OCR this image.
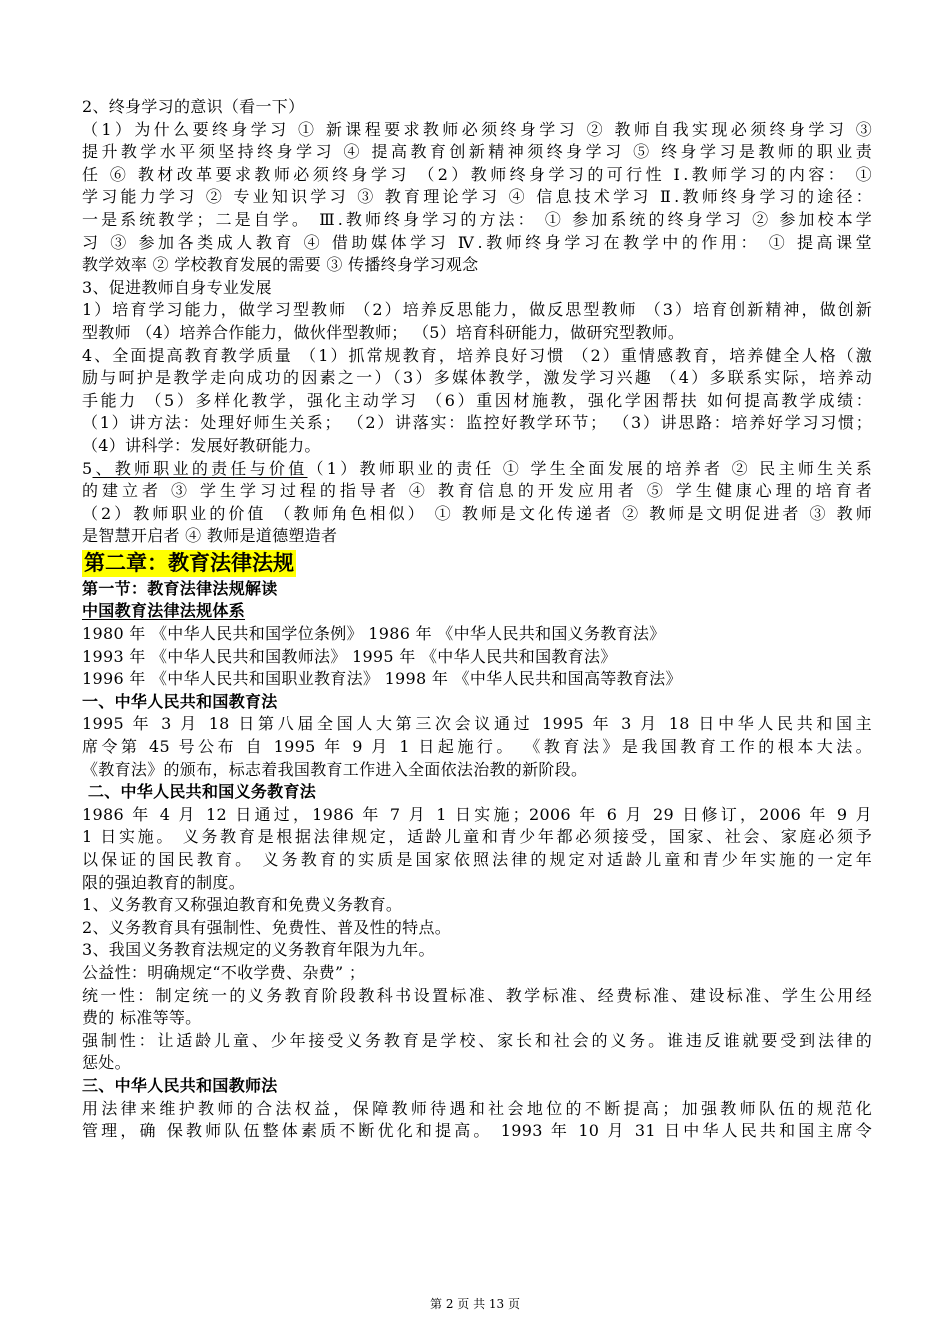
2、终身学习的意识（看一下）
（1）为什么要终身学习 ① 新课程要求教师必须终身学习 ② 教师自我实现必须终身学习 ③
提升教学水平须坚持终身学习 ④ 提高教育创新精神须终身学习 ⑤ 终身学习是教师的职业责
任 ⑥ 教材改革要求教师必须终身学习 （2）教师终身学习的可行性 Ⅰ.教师学习的内容： ①
学习能力学习 ② 专业知识学习 ③ 教育理论学习 ④ 信息技术学习 Ⅱ.教师终身学习的途径：
一是系统教学；二是自学。 Ⅲ.教师终身学习的方法： ① 参加系统的终身学习 ② 参加校本学
习 ③ 参加各类成人教育 ④ 借助媒体学习 Ⅳ.教师终身学习在教学中的作用： ① 提高课堂
教学效率 ② 学校教育发展的需要 ③ 传播终身学习观念
3、促进教师自身专业发展
1）培育学习能力，做学习型教师 （2）培养反思能力，做反思型教师 （3）培育创新精神，做创新
型教师 （4）培养合作能力，做伙伴型教师； （5）培育科研能力，做研究型教师。
4、全面提高教育教学质量 （1）抓常规教育，培养良好习惯 （2）重情感教育，培养健全人格（激
励与呵护是教学走向成功的因素之一）（3）多媒体教学，激发学习兴趣 （4）多联系实际，培养动
手能力 （5）多样化教学，强化主动学习 （6）重因材施教，强化学困帮扶 如何提高教学成绩：
（1）讲方法：处理好师生关系； （2）讲落实：监控好教学环节； （3）讲思路：培养好学习习惯；
（4）讲科学：发展好教研能力。
5、教师职业的责任与价值（1）教师职业的责任 ① 学生全面发展的培养者 ② 民主师生关系
的建立者 ③ 学生学习过程的指导者 ④ 教育信息的开发应用者 ⑤ 学生健康心理的培育者
（2）教师职业的价值 （教师角色相似） ① 教师是文化传递者 ② 教师是文明促进者 ③ 教师
是智慧开启者 ④ 教师是道德塑造者
第二章：教育法律法规
第一节：教育法律法规解读
中国教育法律法规体系
1980 年 《中华人民共和国学位条例》 1986 年 《中华人民共和国义务教育法》
1993 年 《中华人民共和国教师法》 1995 年 《中华人民共和国教育法》
1996 年 《中华人民共和国职业教育法》 1998 年 《中华人民共和国高等教育法》
一、中华人民共和国教育法
1995 年 3 月 18 日第八届全国人大第三次会议通过 1995 年 3 月 18 日中华人民共和国主
席令第 45 号公布 自 1995 年 9 月 1 日起施行。 《教育法》是我国教育工作的根本大法。
《教育法》的颁布，标志着我国教育工作进入全面依法治教的新阶段。
二、中华人民共和国义务教育法
1986 年 4 月 12 日通过，1986 年 7 月 1 日实施；2006 年 6 月 29 日修订，2006 年 9 月
1 日实施。 义务教育是根据法律规定，适龄儿童和青少年都必须接受，国家、社会、家庭必须予
以保证的国民教育。 义务教育的实质是国家依照法律的规定对适龄儿童和青少年实施的一定年
限的强迫教育的制度。
1、义务教育又称强迫教育和免费义务教育。
2、义务教育具有强制性、免费性、普及性的特点。
3、我国义务教育法规定的义务教育年限为九年。
公益性：明确规定“不收学费、杂费” ；
统一性：制定统一的义务教育阶段教科书设置标准、教学标准、经费标准、建设标准、学生公用经
费的 标准等等。
强制性：让适龄儿童、少年接受义务教育是学校、家长和社会的义务。谁违反谁就要受到法律的
惩处。
三、中华人民共和国教师法
用法律来维护教师的合法权益，保障教师待遇和社会地位的不断提高；加强教师队伍的规范化
管理，确 保教师队伍整体素质不断优化和提高。 1993 年 10 月 31 日中华人民共和国主席令
第 2 页 共 13 页
